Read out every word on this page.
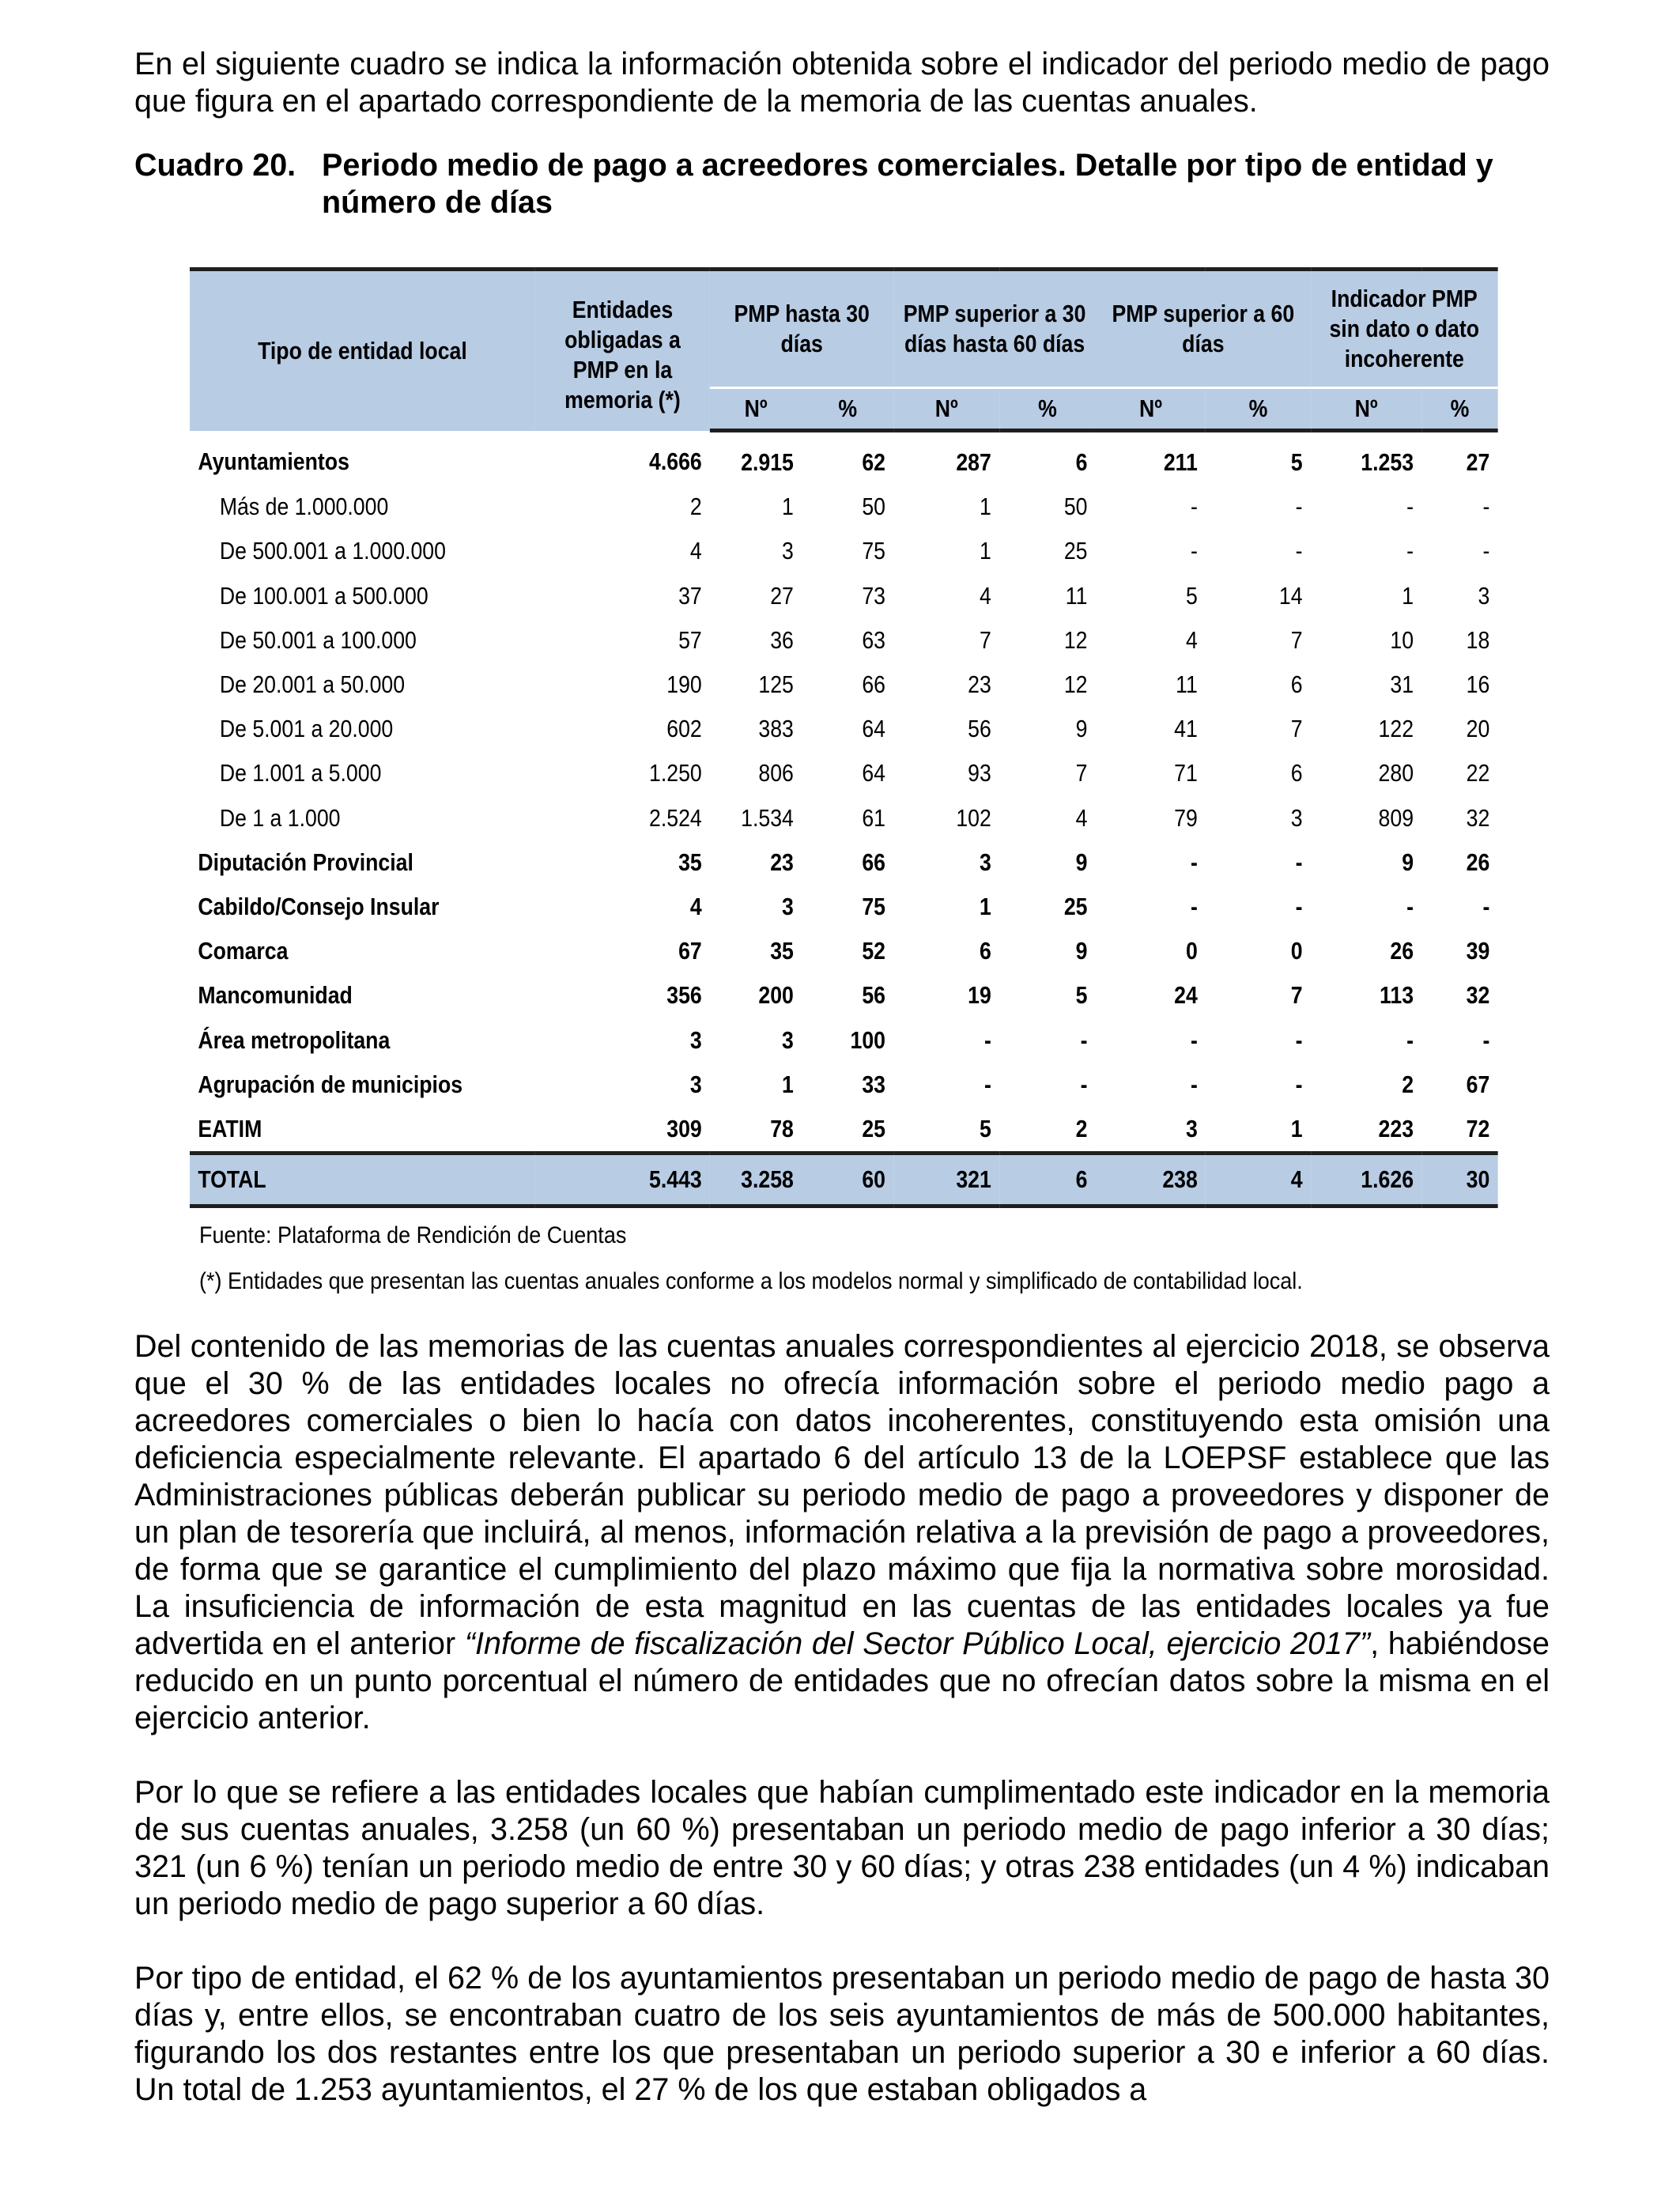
En el siguiente cuadro se indica la información obtenida sobre el indicador del periodo medio de pago que figura en el apartado correspondiente de la memoria de las cuentas anuales.

Cuadro 20. Periodo medio de pago a acreedores comerciales. Detalle por tipo de entidad y número de días
Tipo de entidad local	Entidades obligadas a PMP en la memoria (*)	PMP hasta 30 días		PMP superior a 30 días hasta 60 días		PMP superior a 60 días		Indicador PMP sin dato o dato incoherente	
		Nº	%	Nº	%	Nº	%	Nº	%
Ayuntamientos	4.666	2.915	62	287	6	211	5	1.253	27
Más de 1.000.000	2	1	50	1	50	-	-	-	-
De 500.001 a 1.000.000	4	3	75	1	25	-	-	-	-
De 100.001 a 500.000	37	27	73	4	11	5	14	1	3
De 50.001 a 100.000	57	36	63	7	12	4	7	10	18
De 20.001 a 50.000	190	125	66	23	12	11	6	31	16
De 5.001 a 20.000	602	383	64	56	9	41	7	122	20
De 1.001 a 5.000	1.250	806	64	93	7	71	6	280	22
De 1 a 1.000	2.524	1.534	61	102	4	79	3	809	32
Diputación Provincial	35	23	66	3	9	-	-	9	26
Cabildo/Consejo Insular	4	3	75	1	25	-	-	-	-
Comarca	67	35	52	6	9	0	0	26	39
Mancomunidad	356	200	56	19	5	24	7	113	32
Área metropolitana	3	3	100	-	-	-	-	-	-
Agrupación de municipios	3	1	33	-	-	-	-	2	67
EATIM	309	78	25	5	2	3	1	223	72
TOTAL	5.443	3.258	60	321	6	238	4	1.626	30
Fuente: Plataforma de Rendición de Cuentas
(*) Entidades que presentan las cuentas anuales conforme a los modelos normal y simplificado de contabilidad local.

Del contenido de las memorias de las cuentas anuales correspondientes al ejercicio 2018, se observa que el 30 % de las entidades locales no ofrecía información sobre el periodo medio pago a acreedores comerciales o bien lo hacía con datos incoherentes, constituyendo esta omisión una deficiencia especialmente relevante. El apartado 6 del artículo 13 de la LOEPSF establece que las Administraciones públicas deberán publicar su periodo medio de pago a proveedores y disponer de un plan de tesorería que incluirá, al menos, información relativa a la previsión de pago a proveedores, de forma que se garantice el cumplimiento del plazo máximo que fija la normativa sobre morosidad. La insuficiencia de información de esta magnitud en las cuentas de las entidades locales ya fue advertida en el anterior “Informe de fiscalización del Sector Público Local, ejercicio 2017”, habiéndose reducido en un punto porcentual el número de entidades que no ofrecían datos sobre la misma en el ejercicio anterior.

Por lo que se refiere a las entidades locales que habían cumplimentado este indicador en la memoria de sus cuentas anuales, 3.258 (un 60 %) presentaban un periodo medio de pago inferior a 30 días; 321 (un 6 %) tenían un periodo medio de entre 30 y 60 días; y otras 238 entidades (un 4 %) indicaban un periodo medio de pago superior a 60 días.

Por tipo de entidad, el 62 % de los ayuntamientos presentaban un periodo medio de pago de hasta 30 días y, entre ellos, se encontraban cuatro de los seis ayuntamientos de más de 500.000 habitantes, figurando los dos restantes entre los que presentaban un periodo superior a 30 e inferior a 60 días. Un total de 1.253 ayuntamientos, el 27 % de los que estaban obligados a
